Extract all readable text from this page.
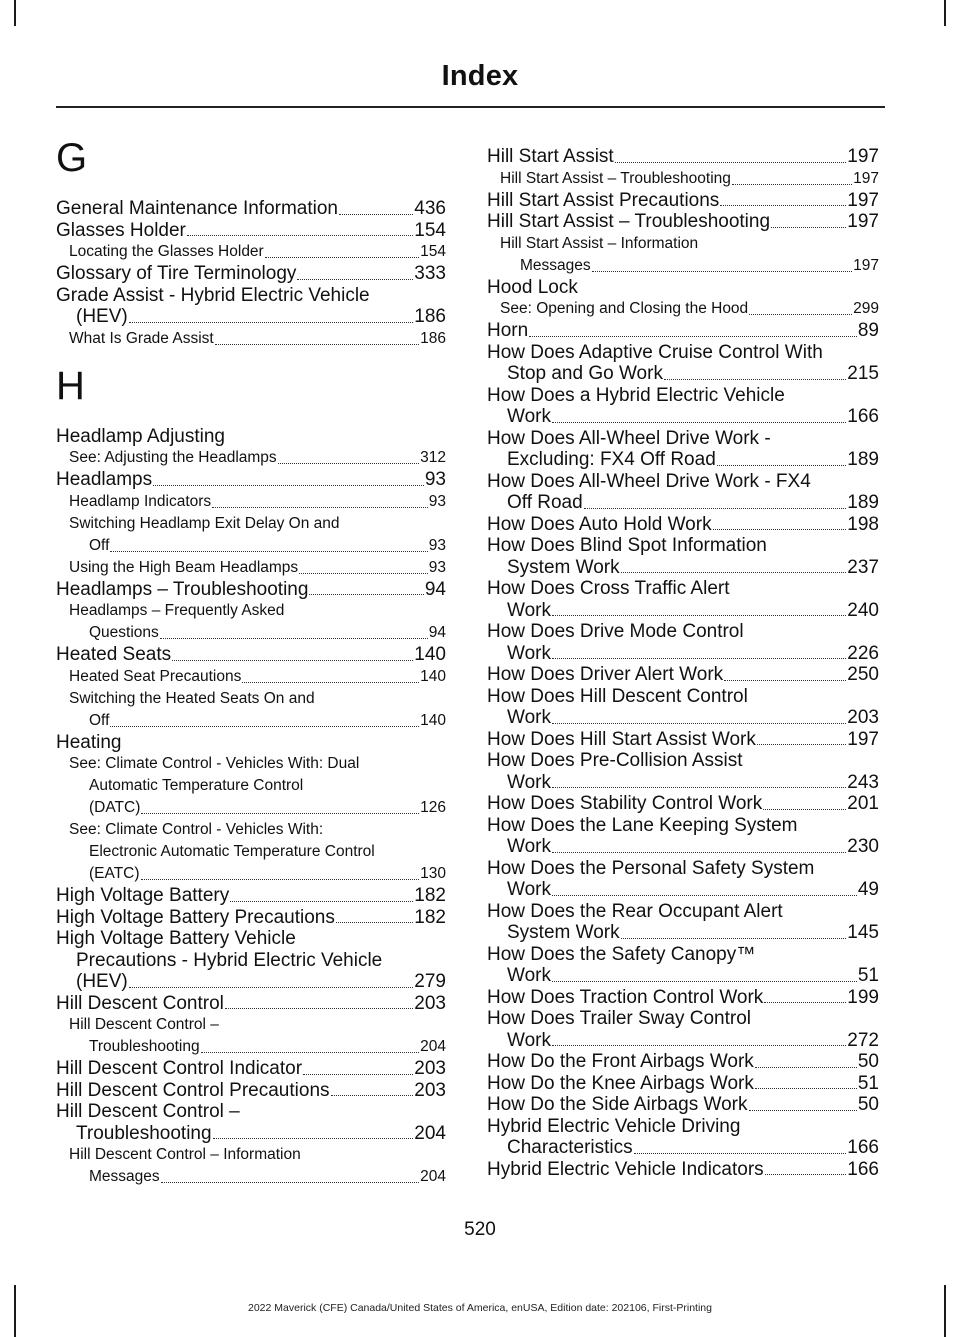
Index
G
General Maintenance Information	436
Glasses Holder	154
Locating the Glasses Holder	154
Glossary of Tire Terminology	333
Grade Assist - Hybrid Electric Vehicle
(HEV)	186
What Is Grade Assist	186
H
Headlamp Adjusting
See: Adjusting the Headlamps	312
Headlamps	93
Headlamp Indicators	93
Switching Headlamp Exit Delay On and
Off	93
Using the High Beam Headlamps	93
Headlamps – Troubleshooting	94
Headlamps – Frequently Asked
Questions	94
Heated Seats	140
Heated Seat Precautions	140
Switching the Heated Seats On and
Off	140
Heating
See: Climate Control - Vehicles With: Dual
Automatic Temperature Control
(DATC)	126
See: Climate Control - Vehicles With:
Electronic Automatic Temperature Control
(EATC)	130
High Voltage Battery	182
High Voltage Battery Precautions	182
High Voltage Battery Vehicle
Precautions - Hybrid Electric Vehicle
(HEV)	279
Hill Descent Control	203
Hill Descent Control –
Troubleshooting	204
Hill Descent Control Indicator	203
Hill Descent Control Precautions	203
Hill Descent Control –
Troubleshooting	204
Hill Descent Control – Information
Messages	204
Hill Start Assist	197
Hill Start Assist – Troubleshooting	197
Hill Start Assist Precautions	197
Hill Start Assist – Troubleshooting	197
Hill Start Assist – Information
Messages	197
Hood Lock
See: Opening and Closing the Hood	299
Horn	89
How Does Adaptive Cruise Control With
Stop and Go Work	215
How Does a Hybrid Electric Vehicle
Work	166
How Does All-Wheel Drive Work -
Excluding: FX4 Off Road	189
How Does All-Wheel Drive Work - FX4
Off Road	189
How Does Auto Hold Work	198
How Does Blind Spot Information
System Work	237
How Does Cross Traffic Alert
Work	240
How Does Drive Mode Control
Work	226
How Does Driver Alert Work	250
How Does Hill Descent Control
Work	203
How Does Hill Start Assist Work	197
How Does Pre-Collision Assist
Work	243
How Does Stability Control Work	201
How Does the Lane Keeping System
Work	230
How Does the Personal Safety System
Work	49
How Does the Rear Occupant Alert
System Work	145
How Does the Safety Canopy™
Work	51
How Does Traction Control Work	199
How Does Trailer Sway Control
Work	272
How Do the Front Airbags Work	50
How Do the Knee Airbags Work	51
How Do the Side Airbags Work	50
Hybrid Electric Vehicle Driving
Characteristics	166
Hybrid Electric Vehicle Indicators	166
520
2022 Maverick (CFE) Canada/United States of America, enUSA, Edition date: 202106, First-Printing
